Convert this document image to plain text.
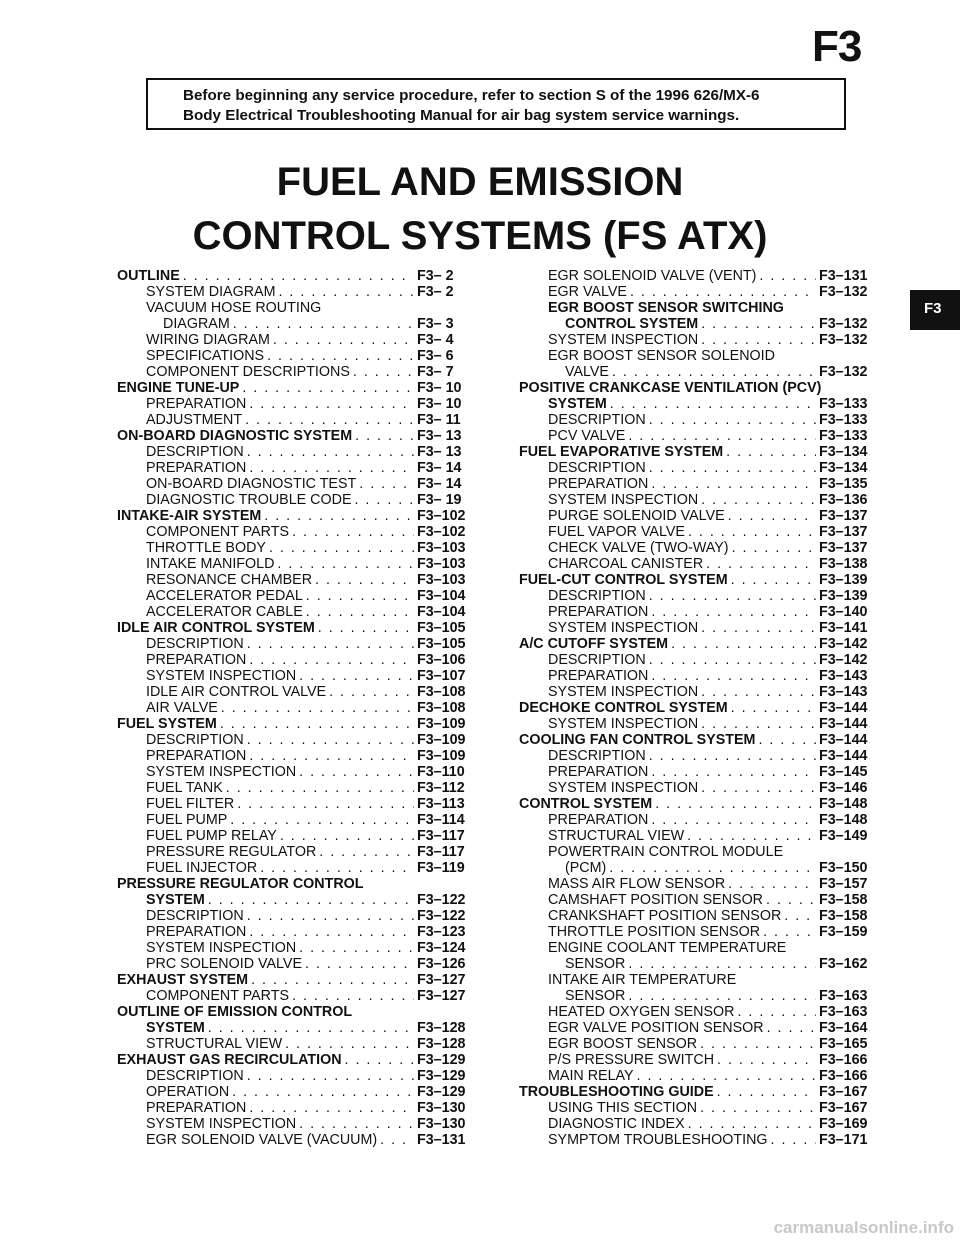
F3
Before beginning any service procedure, refer to section S of the 1996 626/MX-6
Body Electrical Troubleshooting Manual for air bag system service warnings.
FUEL AND EMISSION
CONTROL SYSTEMS (FS ATX)
F3
OUTLINE . . .	F3– 2
SYSTEM DIAGRAM . . .	F3– 2
VACUUM HOSE ROUTING
DIAGRAM . . .	F3– 3
WIRING DIAGRAM . . .	F3– 4
SPECIFICATIONS . . .	F3– 6
COMPONENT DESCRIPTIONS . . .	F3– 7
ENGINE TUNE-UP . . .	F3– 10
PREPARATION . . .	F3– 10
ADJUSTMENT . . .	F3– 11
ON-BOARD DIAGNOSTIC SYSTEM . . .	F3– 13
DESCRIPTION . . .	F3– 13
PREPARATION . . .	F3– 14
ON-BOARD DIAGNOSTIC TEST . . .	F3– 14
DIAGNOSTIC TROUBLE CODE . . .	F3– 19
INTAKE-AIR SYSTEM . . .	F3–102
COMPONENT PARTS . . .	F3–102
THROTTLE BODY . . .	F3–103
INTAKE MANIFOLD . . .	F3–103
RESONANCE CHAMBER . . .	F3–103
ACCELERATOR PEDAL . . .	F3–104
ACCELERATOR CABLE . . .	F3–104
IDLE AIR CONTROL SYSTEM . . .	F3–105
DESCRIPTION . . .	F3–105
PREPARATION . . .	F3–106
SYSTEM INSPECTION . . .	F3–107
IDLE AIR CONTROL VALVE . . .	F3–108
AIR VALVE . . .	F3–108
FUEL SYSTEM . . .	F3–109
DESCRIPTION . . .	F3–109
PREPARATION . . .	F3–109
SYSTEM INSPECTION . . .	F3–110
FUEL TANK . . .	F3–112
FUEL FILTER . . .	F3–113
FUEL PUMP . . .	F3–114
FUEL PUMP RELAY . . .	F3–117
PRESSURE REGULATOR . . .	F3–117
FUEL INJECTOR . . .	F3–119
PRESSURE REGULATOR CONTROL
SYSTEM . . .	F3–122
DESCRIPTION . . .	F3–122
PREPARATION . . .	F3–123
SYSTEM INSPECTION . . .	F3–124
PRC SOLENOID VALVE . . .	F3–126
EXHAUST SYSTEM . . .	F3–127
COMPONENT PARTS . . .	F3–127
OUTLINE OF EMISSION CONTROL
SYSTEM . . .	F3–128
STRUCTURAL VIEW . . .	F3–128
EXHAUST GAS RECIRCULATION . . .	F3–129
DESCRIPTION . . .	F3–129
OPERATION . . .	F3–129
PREPARATION . . .	F3–130
SYSTEM INSPECTION . . .	F3–130
EGR SOLENOID VALVE (VACUUM) . . .	F3–131
EGR SOLENOID VALVE (VENT) . . .	F3–131
EGR VALVE . . .	F3–132
EGR BOOST SENSOR SWITCHING
CONTROL SYSTEM . . .	F3–132
SYSTEM INSPECTION . . .	F3–132
EGR BOOST SENSOR SOLENOID
VALVE . . .	F3–132
POSITIVE CRANKCASE VENTILATION (PCV)
SYSTEM . . .	F3–133
DESCRIPTION . . .	F3–133
PCV VALVE . . .	F3–133
FUEL EVAPORATIVE SYSTEM . . .	F3–134
DESCRIPTION . . .	F3–134
PREPARATION . . .	F3–135
SYSTEM INSPECTION . . .	F3–136
PURGE SOLENOID VALVE . . .	F3–137
FUEL VAPOR VALVE . . .	F3–137
CHECK VALVE (TWO-WAY) . . .	F3–137
CHARCOAL CANISTER . . .	F3–138
FUEL-CUT CONTROL SYSTEM . . .	F3–139
DESCRIPTION . . .	F3–139
PREPARATION . . .	F3–140
SYSTEM INSPECTION . . .	F3–141
A/C CUTOFF SYSTEM . . .	F3–142
DESCRIPTION . . .	F3–142
PREPARATION . . .	F3–143
SYSTEM INSPECTION . . .	F3–143
DECHOKE CONTROL SYSTEM . . .	F3–144
SYSTEM INSPECTION . . .	F3–144
COOLING FAN CONTROL SYSTEM . . .	F3–144
DESCRIPTION . . .	F3–144
PREPARATION . . .	F3–145
SYSTEM INSPECTION . . .	F3–146
CONTROL SYSTEM . . .	F3–148
PREPARATION . . .	F3–148
STRUCTURAL VIEW . . .	F3–149
POWERTRAIN CONTROL MODULE
(PCM) . . .	F3–150
MASS AIR FLOW SENSOR . . .	F3–157
CAMSHAFT POSITION SENSOR . . .	F3–158
CRANKSHAFT POSITION SENSOR . . .	F3–158
THROTTLE POSITION SENSOR . . .	F3–159
ENGINE COOLANT TEMPERATURE
SENSOR . . .	F3–162
INTAKE AIR TEMPERATURE
SENSOR . . .	F3–163
HEATED OXYGEN SENSOR . . .	F3–163
EGR VALVE POSITION SENSOR . . .	F3–164
EGR BOOST SENSOR . . .	F3–165
P/S PRESSURE SWITCH . . .	F3–166
MAIN RELAY . . .	F3–166
TROUBLESHOOTING GUIDE . . .	F3–167
USING THIS SECTION . . .	F3–167
DIAGNOSTIC INDEX . . .	F3–169
SYMPTOM TROUBLESHOOTING . . .	F3–171
carmanualsonline.info
